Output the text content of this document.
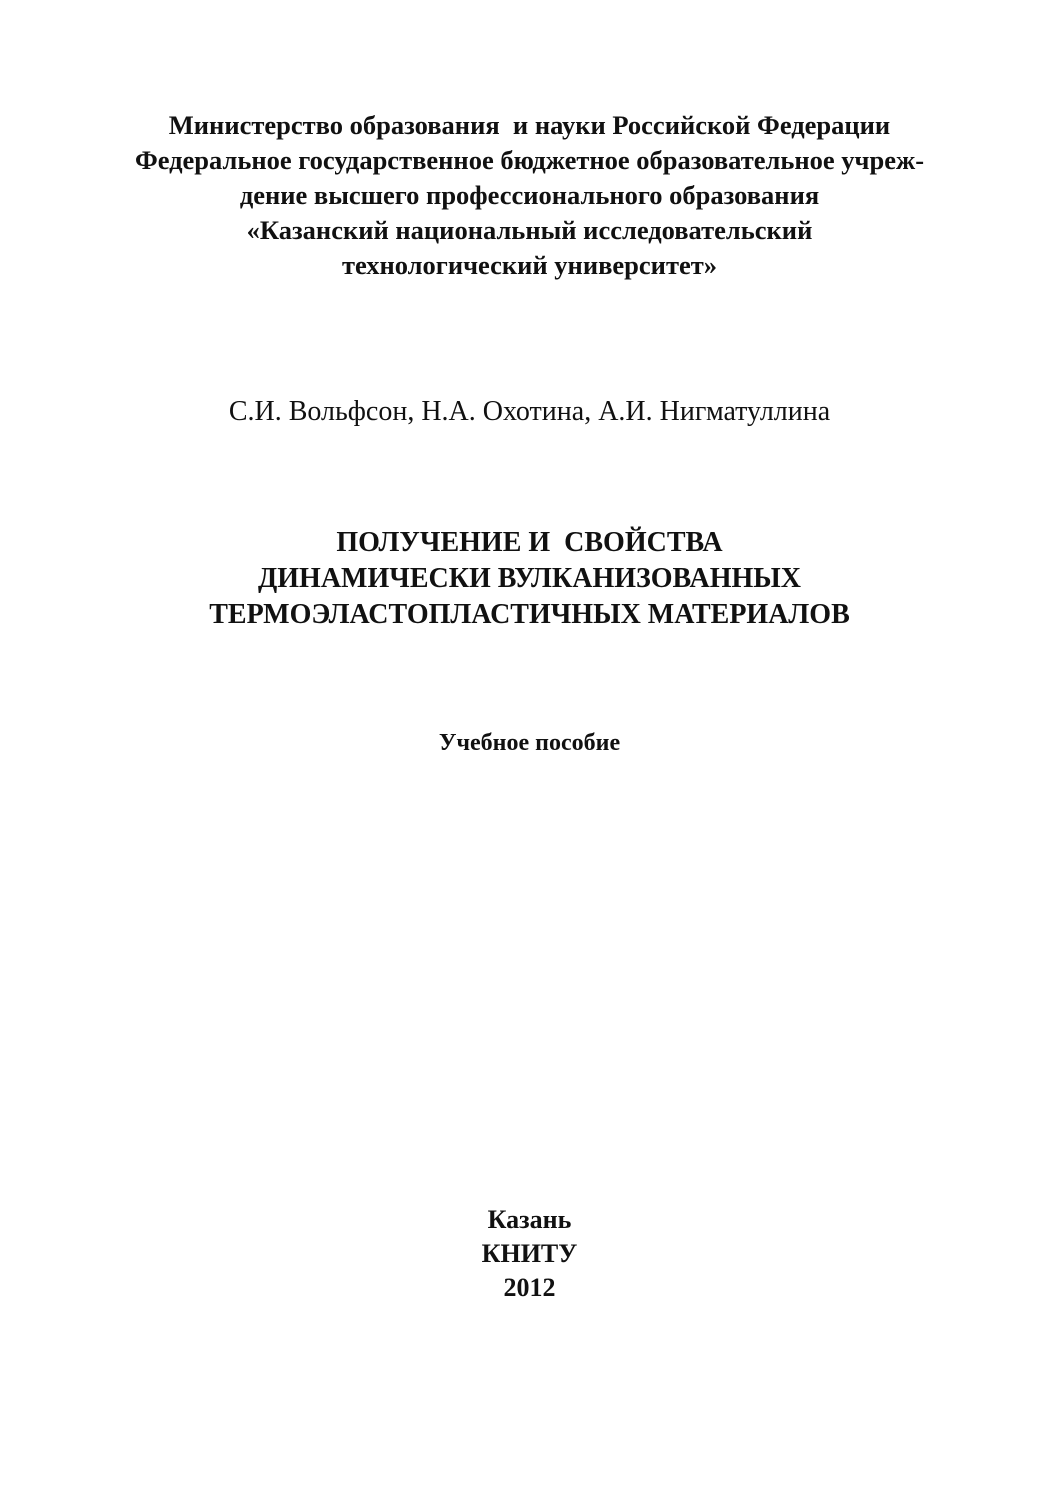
Министерство образования  и науки Российской Федерации
Федеральное государственное бюджетное образовательное учреж-
дение высшего профессионального образования
«Казанский национальный исследовательский
технологический университет»
С.И. Вольфсон, Н.А. Охотина, А.И. Нигматуллина
ПОЛУЧЕНИЕ И  СВОЙСТВА
ДИНАМИЧЕСКИ ВУЛКАНИЗОВАННЫХ
ТЕРМОЭЛАСТОПЛАСТИЧНЫХ МАТЕРИАЛОВ
Учебное пособие
Казань
КНИТУ
2012
